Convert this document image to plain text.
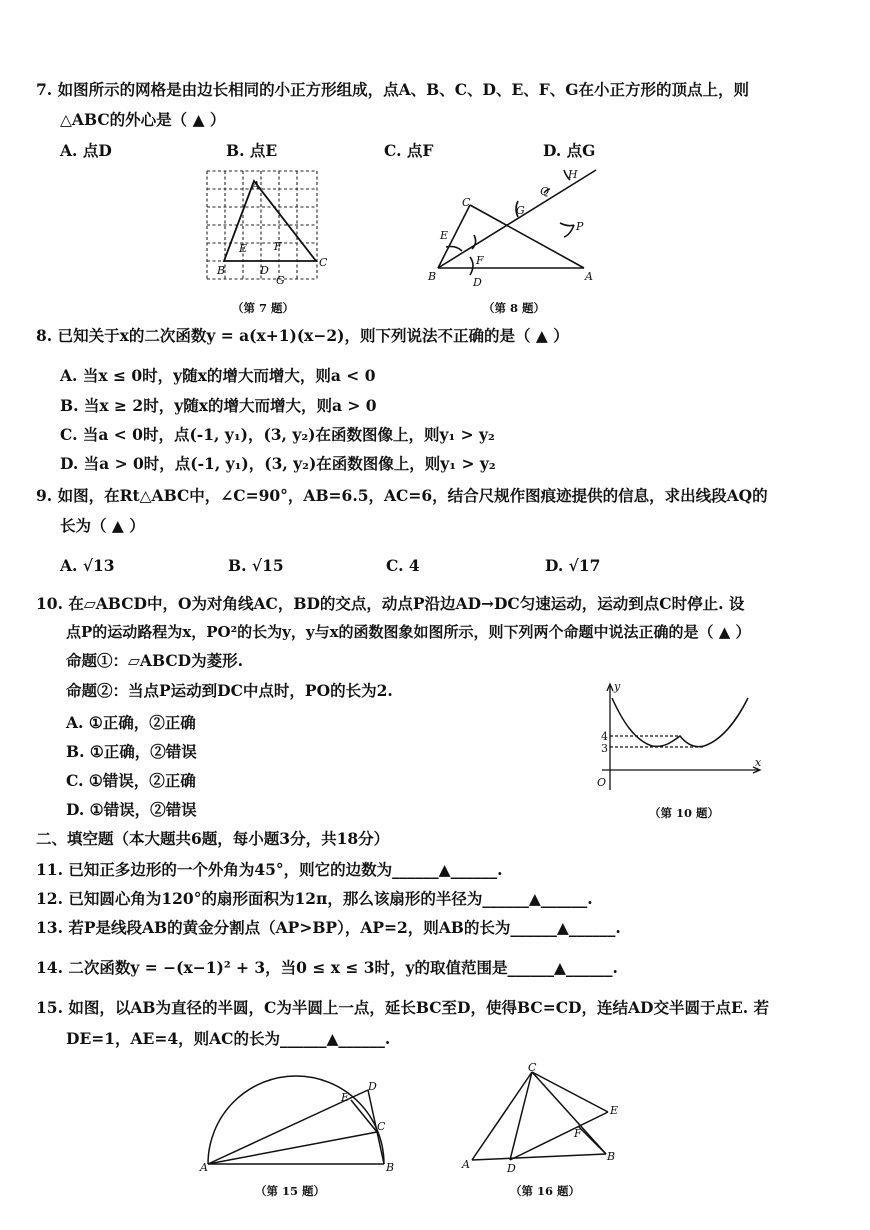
7. 如图所示的网格是由边长相同的小正方形组成，点A、B、C、D、E、F、G在小正方形的顶点上，则
△ABC的外心是（ ▲ ）
A. 点D	B. 点E	C. 点F	D. 点G
A
B
C
D
E F
G
（第 7 题）
A
B
C
D
E
F
G
H
P
Q
（第 8 题）
8. 已知关于x的二次函数y = a(x+1)(x−2)，则下列说法不正确的是（ ▲ ）
A. 当x ≤ 0时，y随x的增大而增大，则a < 0
B. 当x ≥ 2时，y随x的增大而增大，则a > 0
C. 当a < 0时，点(-1, y₁)，(3, y₂)在函数图像上，则y₁ > y₂
D. 当a > 0时，点(-1, y₁)，(3, y₂)在函数图像上，则y₁ > y₂
9. 如图，在Rt△ABC中，∠C=90°，AB=6.5，AC=6，结合尺规作图痕迹提供的信息，求出线段AQ的
长为（ ▲ ）
A. √13	B. √15	C. 4	D. √17
10. 在▱ABCD中，O为对角线AC，BD的交点，动点P沿边AD→DC匀速运动，运动到点C时停止. 设
点P的运动路程为x，PO²的长为y，y与x的函数图象如图所示，则下列两个命题中说法正确的是（ ▲ ）
命题①：▱ABCD为菱形.
命题②：当点P运动到DC中点时，PO的长为2.
A. ①正确，②正确
B. ①正确，②错误
C. ①错误，②正确
D. ①错误，②错误
y
x
O
4
3
（第 10 题）
二、填空题（本大题共6题，每小题3分，共18分）
11. 已知正多边形的一个外角为45°，则它的边数为______▲______.
12. 已知圆心角为120°的扇形面积为12π，那么该扇形的半径为______▲______.
13. 若P是线段AB的黄金分割点（AP>BP），AP=2，则AB的长为______▲______.
14. 二次函数y = −(x−1)² + 3，当0 ≤ x ≤ 3时，y的取值范围是______▲______.
15. 如图，以AB为直径的半圆，C为半圆上一点，延长BC至D，使得BC=CD，连结AD交半圆于点E. 若
DE=1，AE=4，则AC的长为______▲______.
A	B
C
D
E
（第 15 题）
A
B
C
D
E
F
（第 16 题）
